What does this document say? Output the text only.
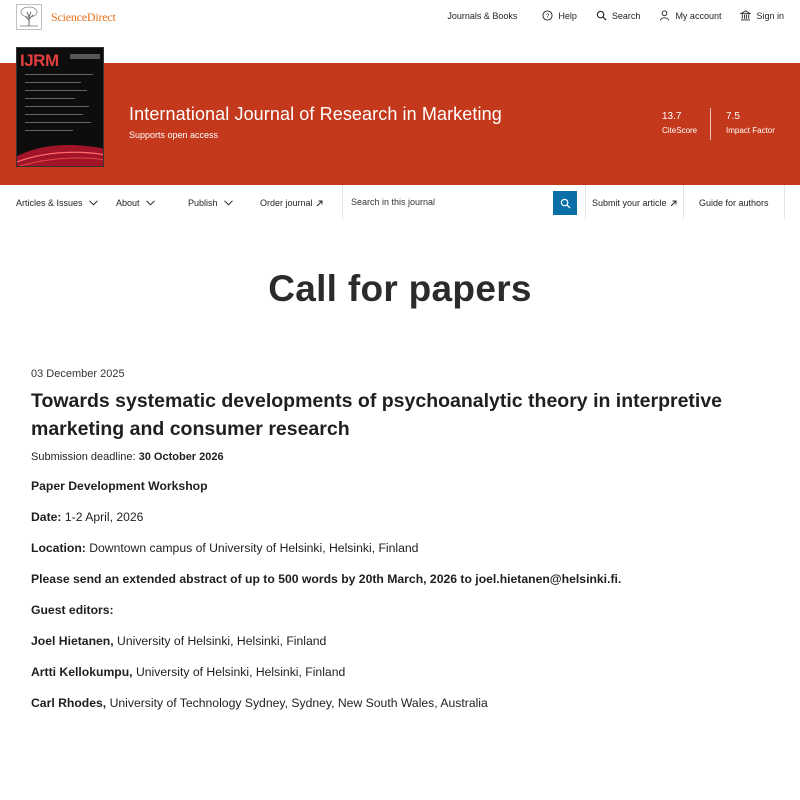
ScienceDirect	Journals & Books	? Help	Search	My account	Sign in
IJRM
International Journal of Research in Marketing
Supports open access
13.7
CiteScore
7.5
Impact Factor
Articles & Issues	About	Publish	Order journal
Search in this journal	Submit your article	Guide for authors
Call for papers
03 December 2025
Towards systematic developments of psychoanalytic theory in interpretive marketing and consumer research
Submission deadline: 30 October 2026

Paper Development Workshop

Date: 1-2 April, 2026

Location: Downtown campus of University of Helsinki, Helsinki, Finland

Please send an extended abstract of up to 500 words by 20th March, 2026 to joel.hietanen@helsinki.fi.

Guest editors:

Joel Hietanen, University of Helsinki, Helsinki, Finland

Artti Kellokumpu, University of Helsinki, Helsinki, Finland

Carl Rhodes, University of Technology Sydney, Sydney, New South Wales, Australia
